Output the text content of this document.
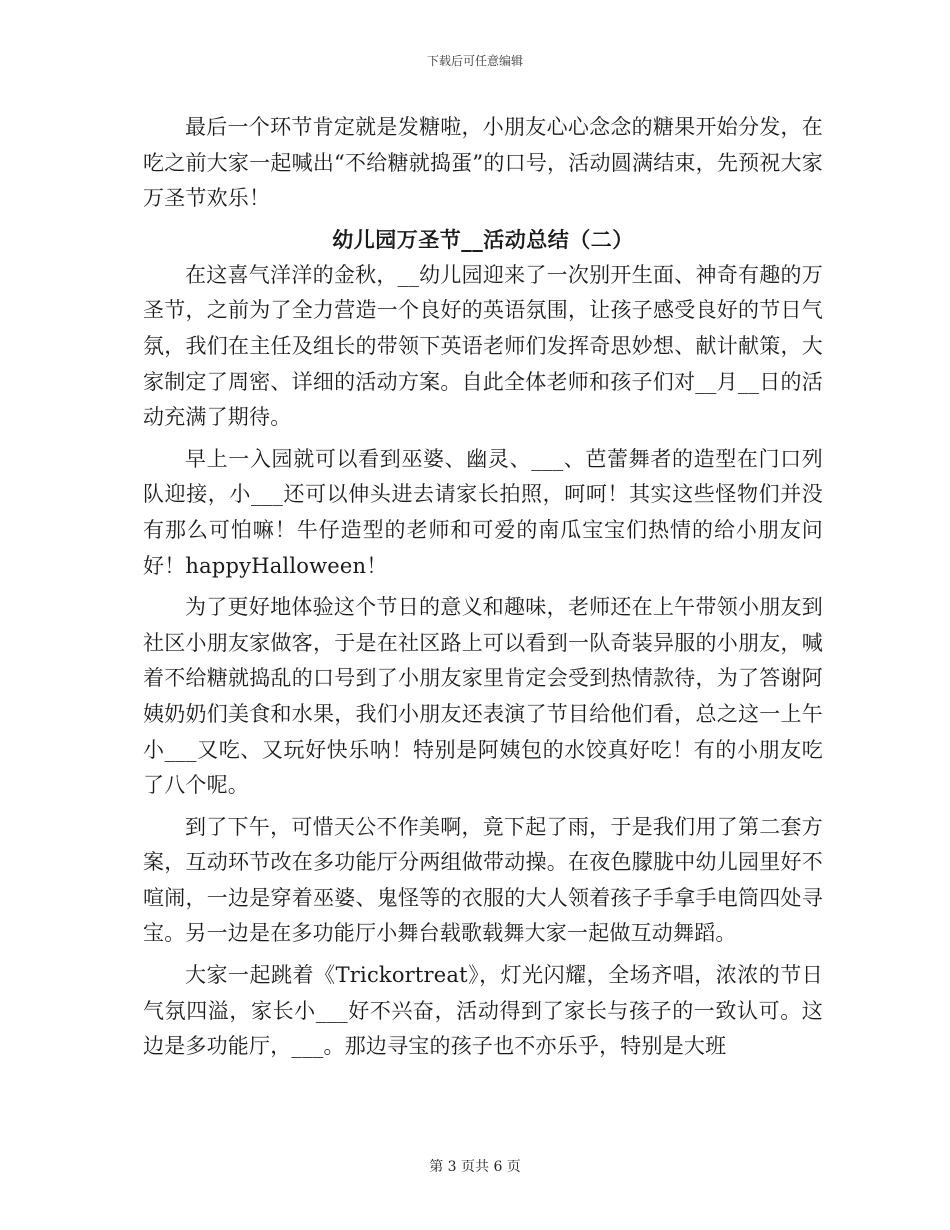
下载后可任意编辑

最后一个环节肯定就是发糖啦，小朋友心心念念的糖果开始分发，在吃之前大家一起喊出“不给糖就捣蛋”的口号，活动圆满结束，先预祝大家万圣节欢乐！

幼儿园万圣节__活动总结（二）

在这喜气洋洋的金秋，__幼儿园迎来了一次别开生面、神奇有趣的万圣节，之前为了全力营造一个良好的英语氛围，让孩子感受良好的节日气氛，我们在主任及组长的带领下英语老师们发挥奇思妙想、献计献策，大家制定了周密、详细的活动方案。自此全体老师和孩子们对__月__日的活动充满了期待。

早上一入园就可以看到巫婆、幽灵、___、芭蕾舞者的造型在门口列队迎接，小___还可以伸头进去请家长拍照，呵呵！其实这些怪物们并没有那么可怕嘛！牛仔造型的老师和可爱的南瓜宝宝们热情的给小朋友问好！happyHalloween！

为了更好地体验这个节日的意义和趣味，老师还在上午带领小朋友到社区小朋友家做客，于是在社区路上可以看到一队奇装异服的小朋友，喊着不给糖就捣乱的口号到了小朋友家里肯定会受到热情款待，为了答谢阿姨奶奶们美食和水果，我们小朋友还表演了节目给他们看，总之这一上午小___又吃、又玩好快乐呐！特别是阿姨包的水饺真好吃！有的小朋友吃了八个呢。

到了下午，可惜天公不作美啊，竟下起了雨，于是我们用了第二套方案，互动环节改在多功能厅分两组做带动操。在夜色朦胧中幼儿园里好不喧闹，一边是穿着巫婆、鬼怪等的衣服的大人领着孩子手拿手电筒四处寻宝。另一边是在多功能厅小舞台载歌载舞大家一起做互动舞蹈。

大家一起跳着《Trickortreat》，灯光闪耀，全场齐唱，浓浓的节日气氛四溢，家长小___好不兴奋，活动得到了家长与孩子的一致认可。这边是多功能厅，___。那边寻宝的孩子也不亦乐乎，特别是大班

第 3 页共 6 页
